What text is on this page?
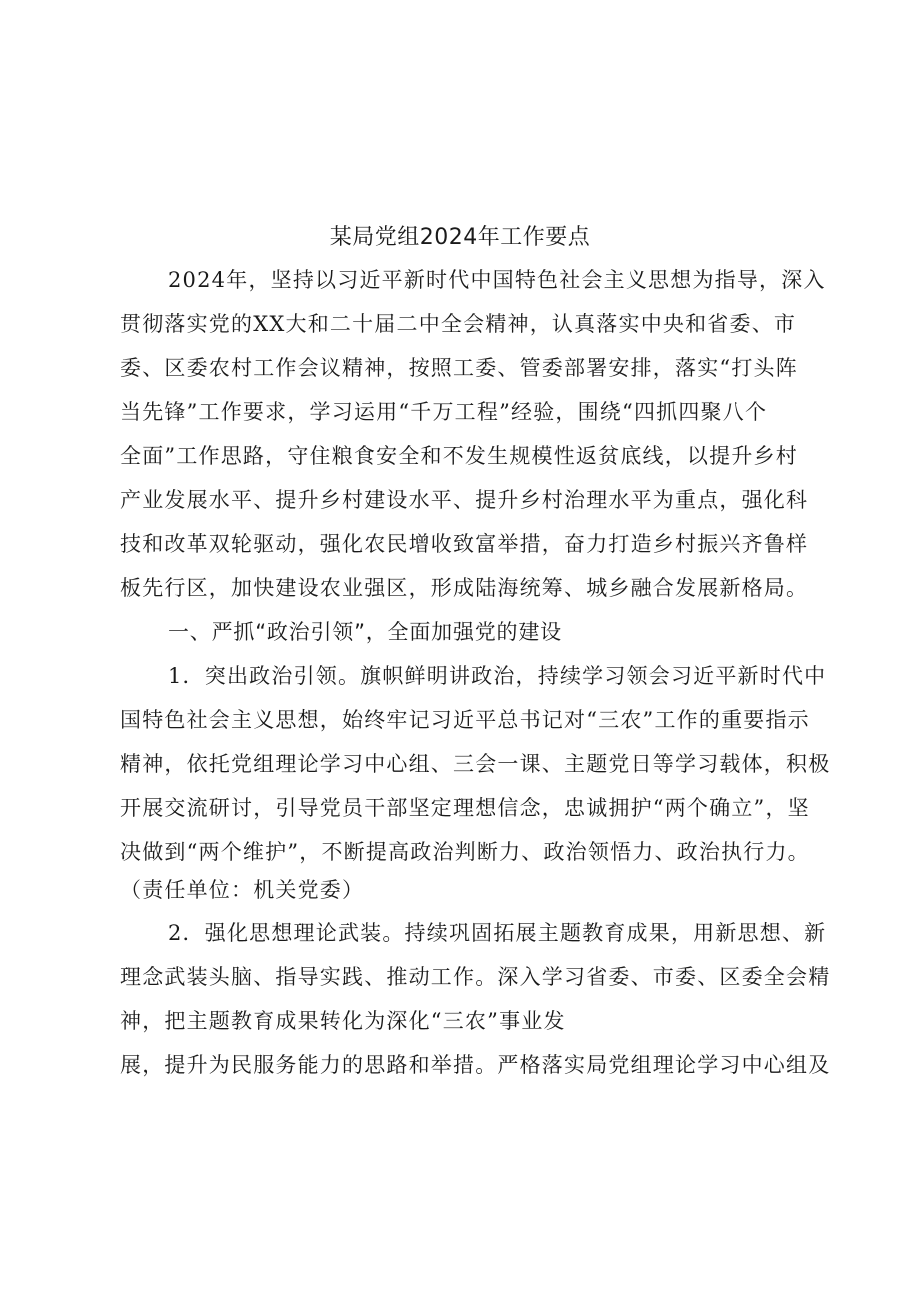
某局党组2024年工作要点
2024年，坚持以习近平新时代中国特色社会主义思想为指导，深入
贯彻落实党的XX大和二十届二中全会精神，认真落实中央和省委、市
委、区委农村工作会议精神，按照工委、管委部署安排，落实“打头阵
当先锋”工作要求，学习运用“千万工程”经验，围绕“四抓四聚八个
全面”工作思路，守住粮食安全和不发生规模性返贫底线，以提升乡村
产业发展水平、提升乡村建设水平、提升乡村治理水平为重点，强化科
技和改革双轮驱动，强化农民增收致富举措，奋力打造乡村振兴齐鲁样
板先行区，加快建设农业强区，形成陆海统筹、城乡融合发展新格局。
一、严抓“政治引领”，全面加强党的建设
1．突出政治引领。旗帜鲜明讲政治，持续学习领会习近平新时代中
国特色社会主义思想，始终牢记习近平总书记对“三农”工作的重要指示
精神，依托党组理论学习中心组、三会一课、主题党日等学习载体，积极
开展交流研讨，引导党员干部坚定理想信念，忠诚拥护“两个确立”，坚
决做到“两个维护”，不断提高政治判断力、政治领悟力、政治执行力。
（责任单位：机关党委）
2．强化思想理论武装。持续巩固拓展主题教育成果，用新思想、新
理念武装头脑、指导实践、推动工作。深入学习省委、市委、区委全会精
神，把主题教育成果转化为深化“三农”事业发
展，提升为民服务能力的思路和举措。严格落实局党组理论学习中心组及
